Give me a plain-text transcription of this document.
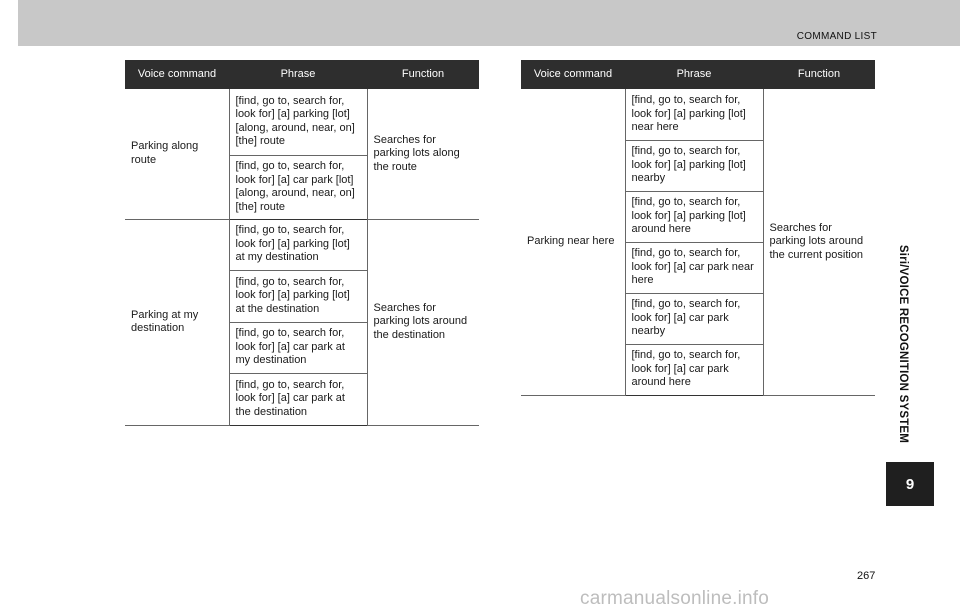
COMMAND LIST
Siri/VOICE RECOGNITION SYSTEM
9
Voice command	Phrase	Function
Parking along route	[find, go to, search for, look for] [a] parking [lot] [along, around, near, on] [the] route	Searches for parking lots along the route
	[find, go to, search for, look for] [a] car park [lot] [along, around, near, on] [the] route	
Parking at my destination	[find, go to, search for, look for] [a] parking [lot] at my destination	Searches for parking lots around the destination
	[find, go to, search for, look for] [a] parking [lot] at the destination	
	[find, go to, search for, look for] [a] car park at my destination	
	[find, go to, search for, look for] [a] car park at the destination	
Voice command	Phrase	Function
Parking near here	[find, go to, search for, look for] [a] parking [lot] near here	Searches for parking lots around the current position
	[find, go to, search for, look for] [a] parking [lot] nearby	
	[find, go to, search for, look for] [a] parking [lot] around here	
	[find, go to, search for, look for] [a] car park near here	
	[find, go to, search for, look for] [a] car park nearby	
	[find, go to, search for, look for] [a] car park around here	
267
carmanualsonline.info
